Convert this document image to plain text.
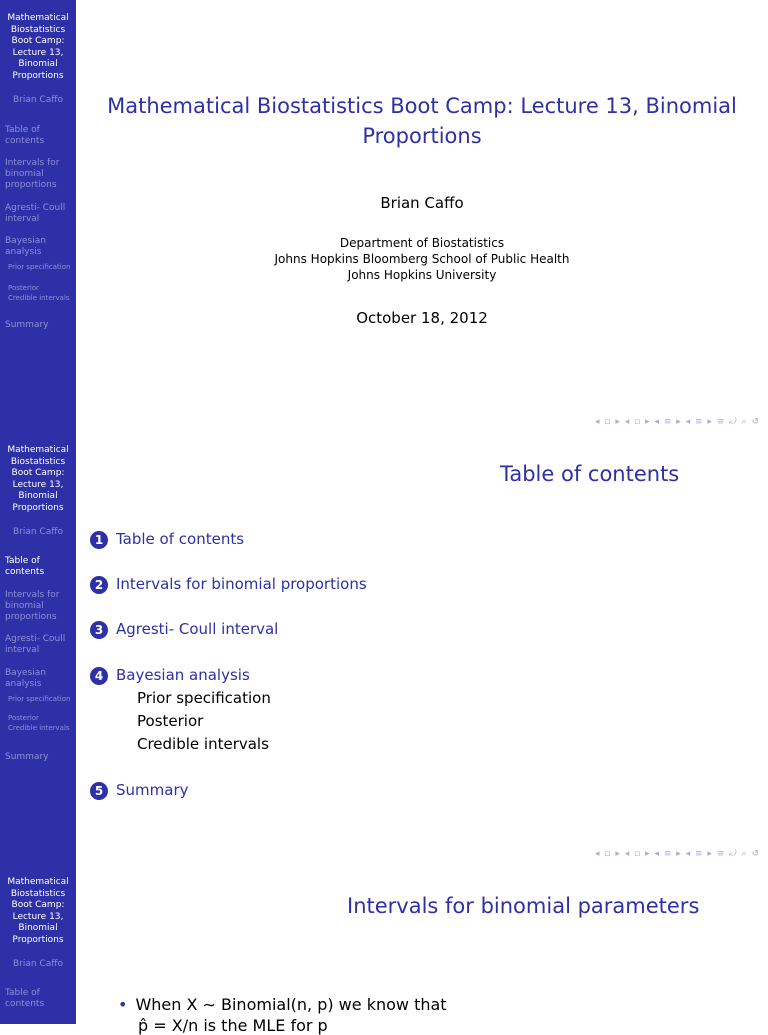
Mathematical Biostatistics Boot Camp: Lecture 13, Binomial Proportions
Brian Caffo
Table of contents
Intervals for binomial proportions
Agresti- Coull interval
Bayesian analysis
Prior specification
Posterior
Credible intervals
Summary
Mathematical Biostatistics Boot Camp: Lecture 13, Binomial Proportions
Brian Caffo
Department of Biostatistics
Johns Hopkins Bloomberg School of Public Health
Johns Hopkins University
October 18, 2012
◂ ▫ ▸ ◂ ▫ ▸ ◂ ≡ ▸ ◂ ≡ ▸ ≡ ⤾ ⌕ ↺
Mathematical Biostatistics Boot Camp: Lecture 13, Binomial Proportions
Brian Caffo
Table of contents
Intervals for binomial proportions
Agresti- Coull interval
Bayesian analysis
Prior specification
Posterior
Credible intervals
Summary
Table of contents
1 Table of contents
2 Intervals for binomial proportions
3 Agresti- Coull interval
4 Bayesian analysis
Prior specification
Posterior
Credible intervals
5 Summary
◂ ▫ ▸ ◂ ▫ ▸ ◂ ≡ ▸ ◂ ≡ ▸ ≡ ⤾ ⌕ ↺
Mathematical Biostatistics Boot Camp: Lecture 13, Binomial Proportions
Brian Caffo
Table of contents
Intervals for binomial parameters
• When X ∼ Binomial(n, p) we know that
p̂ = X/n is the MLE for p
